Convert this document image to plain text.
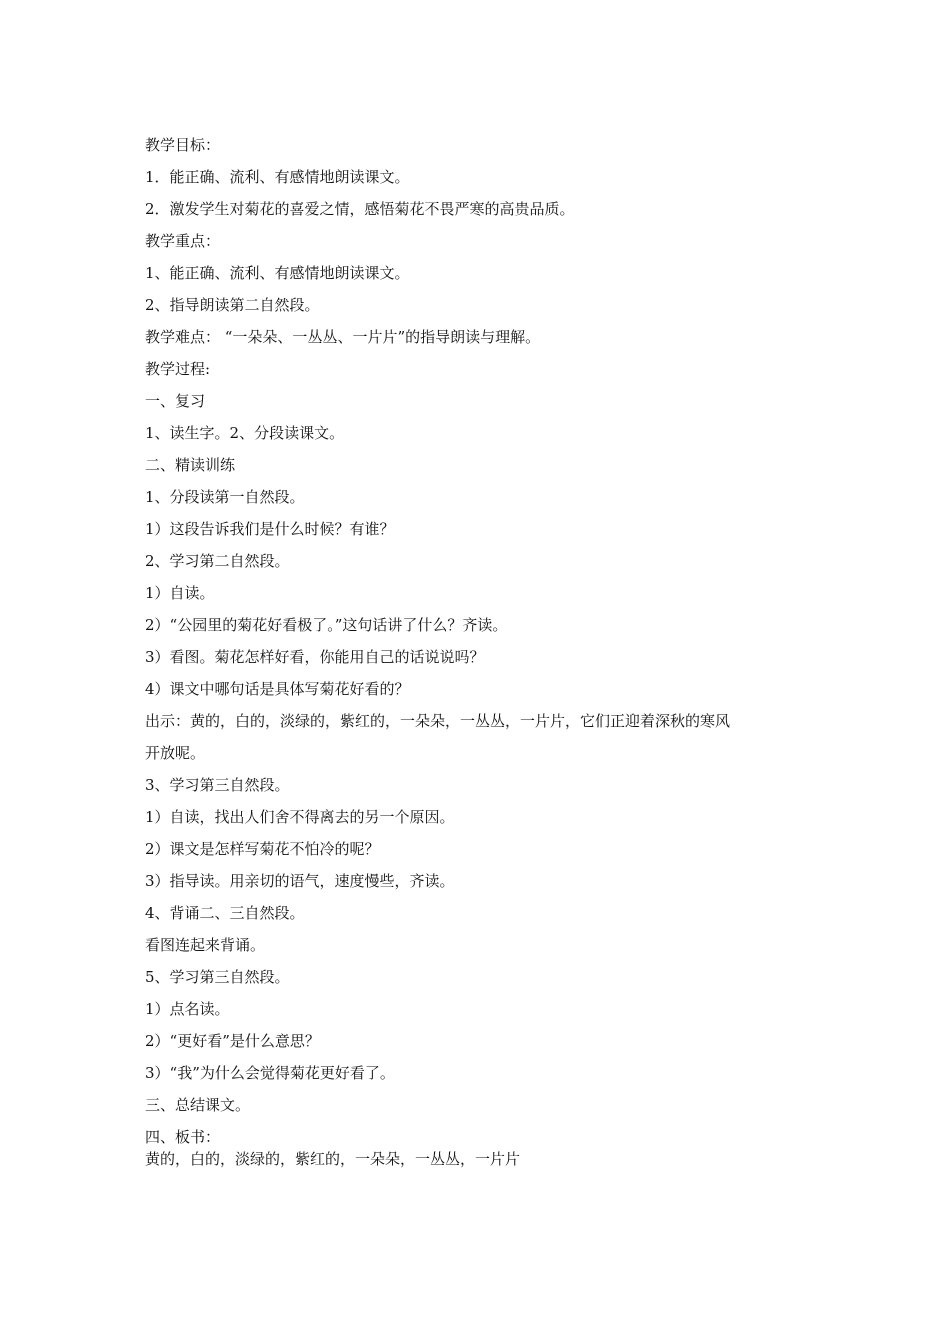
教学目标：
1．能正确、流利、有感情地朗读课文。
2．激发学生对菊花的喜爱之情，感悟菊花不畏严寒的高贵品质。
教学重点：
1、能正确、流利、有感情地朗读课文。
2、指导朗读第二自然段。
教学难点： “一朵朵、一丛丛、一片片”的指导朗读与理解。
教学过程:
一、复习
1、读生字。2、分段读课文。
二、精读训练
1、分段读第一自然段。
1）这段告诉我们是什么时候？有谁？
2、学习第二自然段。
1）自读。
2）“公园里的菊花好看极了。”这句话讲了什么？齐读。
3）看图。菊花怎样好看，你能用自己的话说说吗？
4）课文中哪句话是具体写菊花好看的？
出示：黄的，白的，淡绿的，紫红的，一朵朵，一丛丛，一片片，它们正迎着深秋的寒风
开放呢。
3、学习第三自然段。
1）自读，找出人们舍不得离去的另一个原因。
2）课文是怎样写菊花不怕冷的呢？
3）指导读。用亲切的语气，速度慢些，齐读。
4、背诵二、三自然段。
看图连起来背诵。
5、学习第三自然段。
1）点名读。
2）“更好看”是什么意思？
3）“我”为什么会觉得菊花更好看了。
三、总结课文。
四、板书：
黄的，白的，淡绿的，紫红的，一朵朵，一丛丛，一片片
